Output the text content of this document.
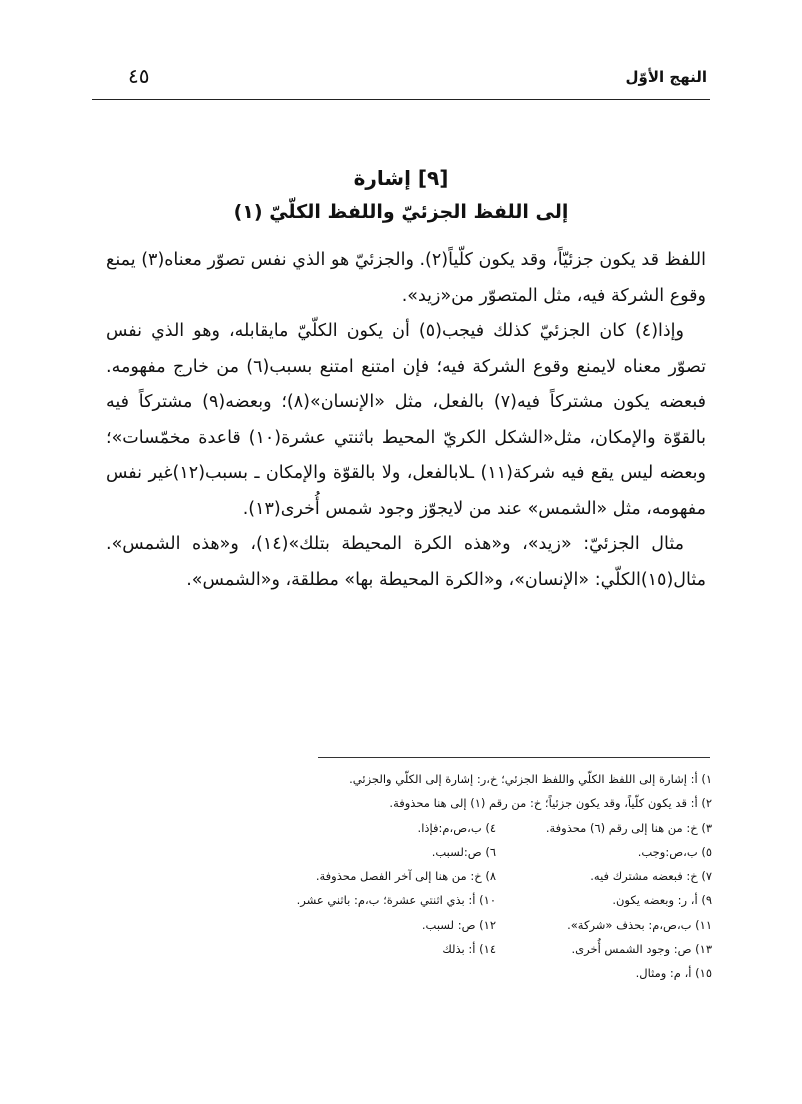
النهج الأوّل
٤٥
[٩] إشارة
إلى اللفظ الجزئيّ واللفظ الكلّيّ (١)

اللفظ قد يكون جزئيّاً، وقد يكون كلّياً(٢). والجزئيّ هو الذي نفس تصوّر معناه(٣) يمنع وقوع الشركة فيه، مثل المتصوّر من«زيد».

وإذا(٤) كان الجزئيّ كذلك فيجب(٥) أن يكون الكلّيّ مايقابله، وهو الذي نفس تصوّر معناه لايمنع وقوع الشركة فيه؛ فإن امتنع امتنع بسبب(٦) من خارج مفهومه. فبعضه يكون مشتركاً فيه(٧) بالفعل، مثل «الإنسان»(٨)؛ وبعضه(٩) مشتركاً فيه بالقوّة والإمكان، مثل«الشكل الكريّ المحيط باثنتي عشرة(١٠) قاعدة مخمّسات»؛ وبعضه ليس يقع فيه شركة(١١) ـلابالفعل، ولا بالقوّة والإمكان ـ بسبب(١٢)غير نفس مفهومه، مثل «الشمس» عند من لايجوّز وجود شمس أُخرى(١٣).

مثال الجزئيّ: «زيد»، و«هذه الكرة المحيطة بتلك»(١٤)، و«هذه الشمس». مثال(١٥)الكلّي: «الإنسان»، و«الكرة المحيطة بها» مطلقة، و«الشمس».

١) أ: إشارة إلى اللفظ الكلّي واللفظ الجزئي؛ خ،ر: إشارة إلى الكلّي والجزئي.
٢) أ: قد يكون كلّياً، وقد يكون جزئياً؛ خ: من رقم (١) إلى هنا محذوفة.
٣) خ: من هنا إلى رقم (٦) محذوفة.
٤) ب،ص،م:فإذا.
٥) ب،ص:وجب.
٦) ص:لسبب.
٧) خ: فبعضه مشترك فيه.
٨) خ: من هنا إلى آخر الفصل محذوفة.
٩) أ، ر: وبعضه يكون.
١٠) أ: بذي اثنتي عشرة؛ ب،م: باثني عشر.
١١) ب،ص،م: بحذف «شركة».
١٢) ص: لسبب.
١٣) ص: وجود الشمس أُخرى.
١٤) أ: بذلك
١٥) أ، م: ومثال.
